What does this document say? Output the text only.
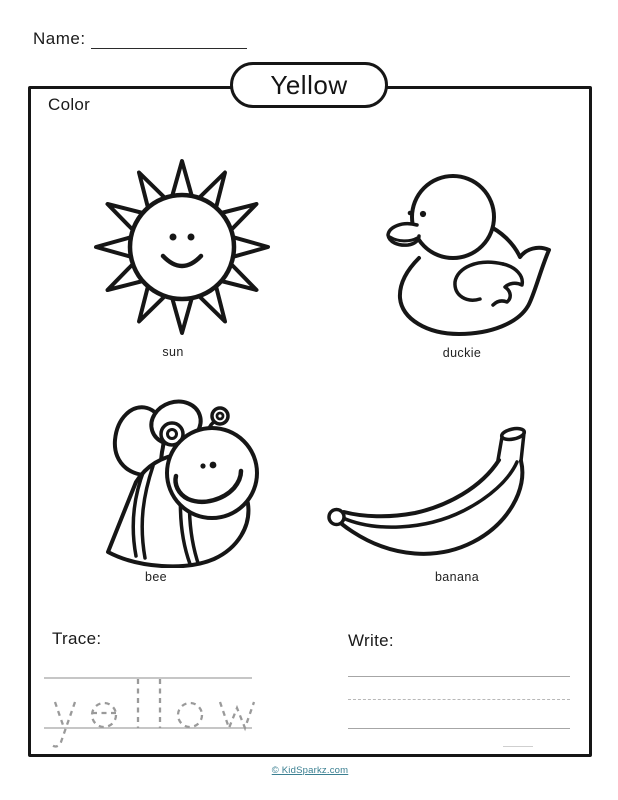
Name:
Yellow
Color
sun	duckie
bee	banana
Trace:	Write:
© KidSparkz.com
